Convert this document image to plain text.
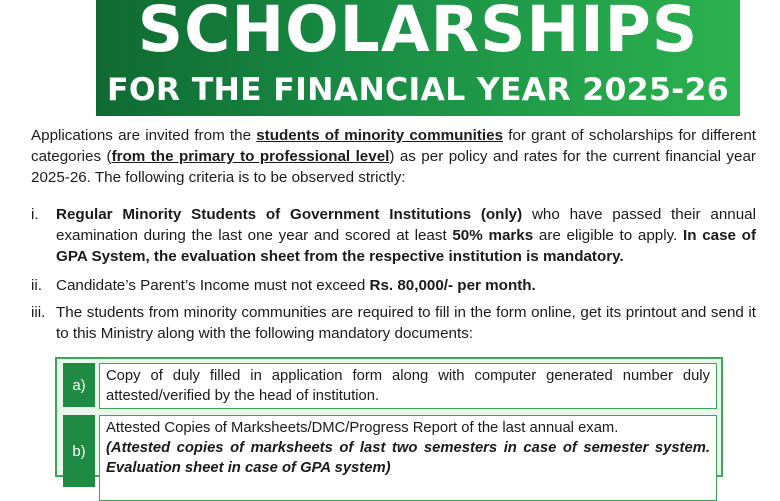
SCHOLARSHIPS
FOR THE FINANCIAL YEAR 2025-26
Applications are invited from the students of minority communities for grant of scholarships for different categories (from the primary to professional level) as per policy and rates for the current financial year 2025-26. The following criteria is to be observed strictly:
i.	Regular Minority Students of Government Institutions (only) who have passed their annual examination during the last one year and scored at least 50% marks are eligible to apply. In case of GPA System, the evaluation sheet from the respective institution is mandatory.
ii. Candidate’s Parent’s Income must not exceed Rs. 80,000/- per month.
iii. The students from minority communities are required to fill in the form online, get its printout and send it to this Ministry along with the following mandatory documents:
a)
Copy of duly filled in application form along with computer generated number duly attested/verified by the head of institution.
b)
Attested Copies of Marksheets/DMC/Progress Report of the last annual exam.
(Attested copies of marksheets of last two semesters in case of semester system. Evaluation sheet in case of GPA system)
